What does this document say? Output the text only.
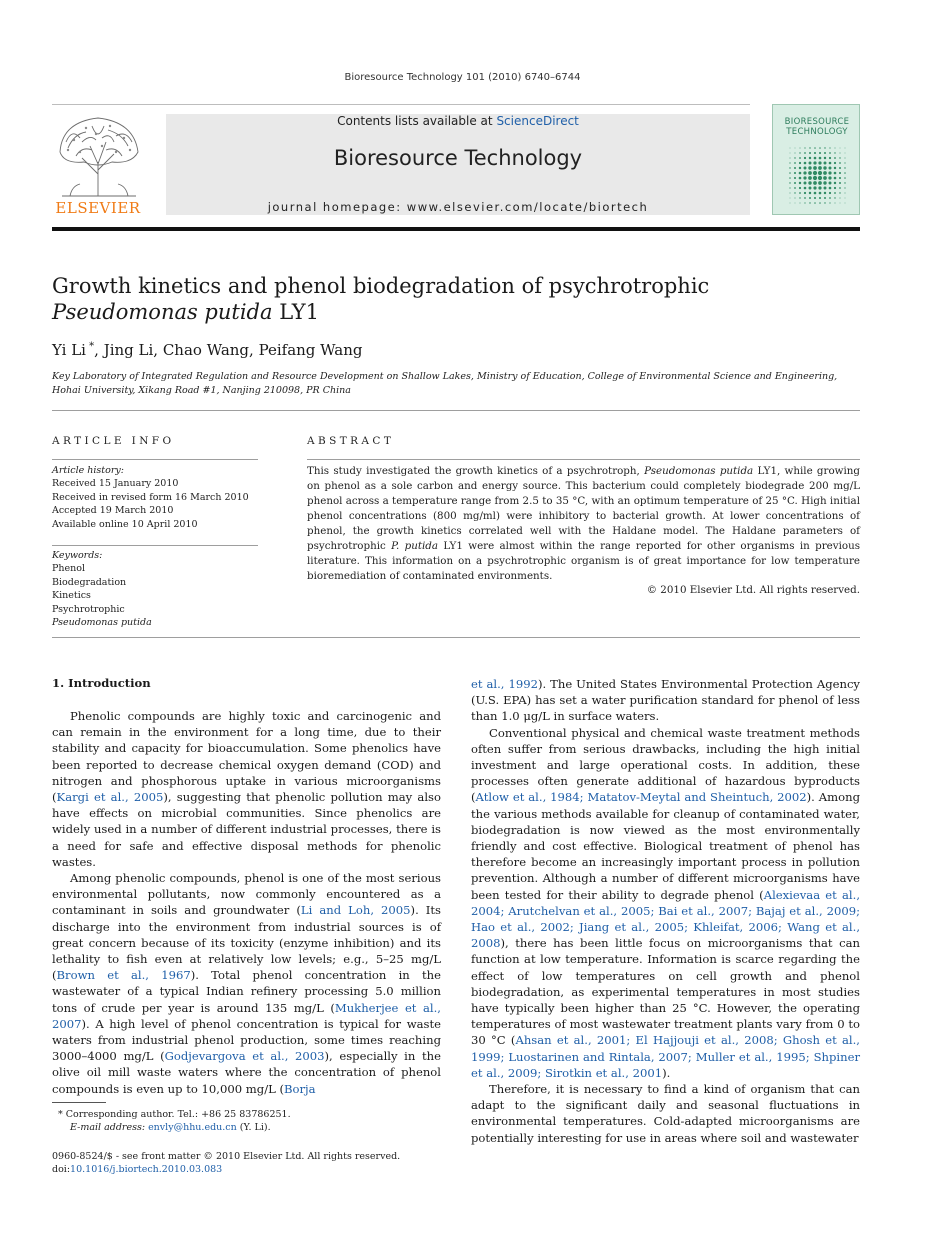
Bioresource Technology 101 (2010) 6740–6744
ELSEVIER
Contents lists available at ScienceDirect
Bioresource Technology
journal homepage: www.elsevier.com/locate/biortech
BIORESOURCE
TECHNOLOGY
Growth kinetics and phenol biodegradation of psychrotrophic
Pseudomonas putida LY1
Yi Li *, Jing Li, Chao Wang, Peifang Wang
Key Laboratory of Integrated Regulation and Resource Development on Shallow Lakes, Ministry of Education, College of Environmental Science and Engineering,
Hohai University, Xikang Road #1, Nanjing 210098, PR China
ARTICLE INFO
Article history:
Received 15 January 2010
Received in revised form 16 March 2010
Accepted 19 March 2010
Available online 10 April 2010
Keywords:
Phenol
Biodegradation
Kinetics
Psychrotrophic
Pseudomonas putida
ABSTRACT
This study investigated the growth kinetics of a psychrotroph, Pseudomonas putida LY1, while growing on phenol as a sole carbon and energy source. This bacterium could completely biodegrade 200 mg/L phenol across a temperature range from 2.5 to 35 °C, with an optimum temperature of 25 °C. High initial phenol concentrations (800 mg/ml) were inhibitory to bacterial growth. At lower concentrations of phenol, the growth kinetics correlated well with the Haldane model. The Haldane parameters of psychrotrophic P. putida LY1 were almost within the range reported for other organisms in previous literature. This information on a psychrotrophic organism is of great importance for low temperature bioremediation of contaminated environments.
© 2010 Elsevier Ltd. All rights reserved.
1. Introduction

Phenolic compounds are highly toxic and carcinogenic and can remain in the environment for a long time, due to their stability and capacity for bioaccumulation. Some phenolics have been reported to decrease chemical oxygen demand (COD) and nitrogen and phosphorous uptake in various microorganisms (Kargi et al., 2005), suggesting that phenolic pollution may also have effects on microbial communities. Since phenolics are widely used in a number of different industrial processes, there is a need for safe and effective disposal methods for phenolic wastes.

Among phenolic compounds, phenol is one of the most serious environmental pollutants, now commonly encountered as a contaminant in soils and groundwater (Li and Loh, 2005). Its discharge into the environment from industrial sources is of great concern because of its toxicity (enzyme inhibition) and its lethality to fish even at relatively low levels; e.g., 5–25 mg/L (Brown et al., 1967). Total phenol concentration in the wastewater of a typical Indian refinery processing 5.0 million tons of crude per year is around 135 mg/L (Mukherjee et al., 2007). A high level of phenol concentration is typical for waste waters from industrial phenol production, some times reaching 3000–4000 mg/L (Godjevargova et al., 2003), especially in the olive oil mill waste waters where the concentration of phenol compounds is even up to 10,000 mg/L (Borja

et al., 1992). The United States Environmental Protection Agency (U.S. EPA) has set a water purification standard for phenol of less than 1.0 μg/L in surface waters.

Conventional physical and chemical waste treatment methods often suffer from serious drawbacks, including the high initial investment and large operational costs. In addition, these processes often generate additional of hazardous byproducts (Atlow et al., 1984; Matatov-Meytal and Sheintuch, 2002). Among the various methods available for cleanup of contaminated water, biodegradation is now viewed as the most environmentally friendly and cost effective. Biological treatment of phenol has therefore become an increasingly important process in pollution prevention. Although a number of different microorganisms have been tested for their ability to degrade phenol (Alexievaa et al., 2004; Arutchelvan et al., 2005; Bai et al., 2007; Bajaj et al., 2009; Hao et al., 2002; Jiang et al., 2005; Khleifat, 2006; Wang et al., 2008), there has been little focus on microorganisms that can function at low temperature. Information is scarce regarding the effect of low temperatures on cell growth and phenol biodegradation, as experimental temperatures in most studies have typically been higher than 25 °C. However, the operating temperatures of most wastewater treatment plants vary from 0 to 30 °C (Ahsan et al., 2001; El Hajjouji et al., 2008; Ghosh et al., 1999; Luostarinen and Rintala, 2007; Muller et al., 1995; Shpiner et al., 2009; Sirotkin et al., 2001).

Therefore, it is necessary to find a kind of organism that can adapt to the significant daily and seasonal fluctuations in environmental temperatures. Cold-adapted microorganisms are potentially interesting for use in areas where soil and wastewater

* Corresponding author. Tel.: +86 25 83786251.
E-mail address: envly@hhu.edu.cn (Y. Li).
0960-8524/$ - see front matter © 2010 Elsevier Ltd. All rights reserved.
doi:10.1016/j.biortech.2010.03.083
